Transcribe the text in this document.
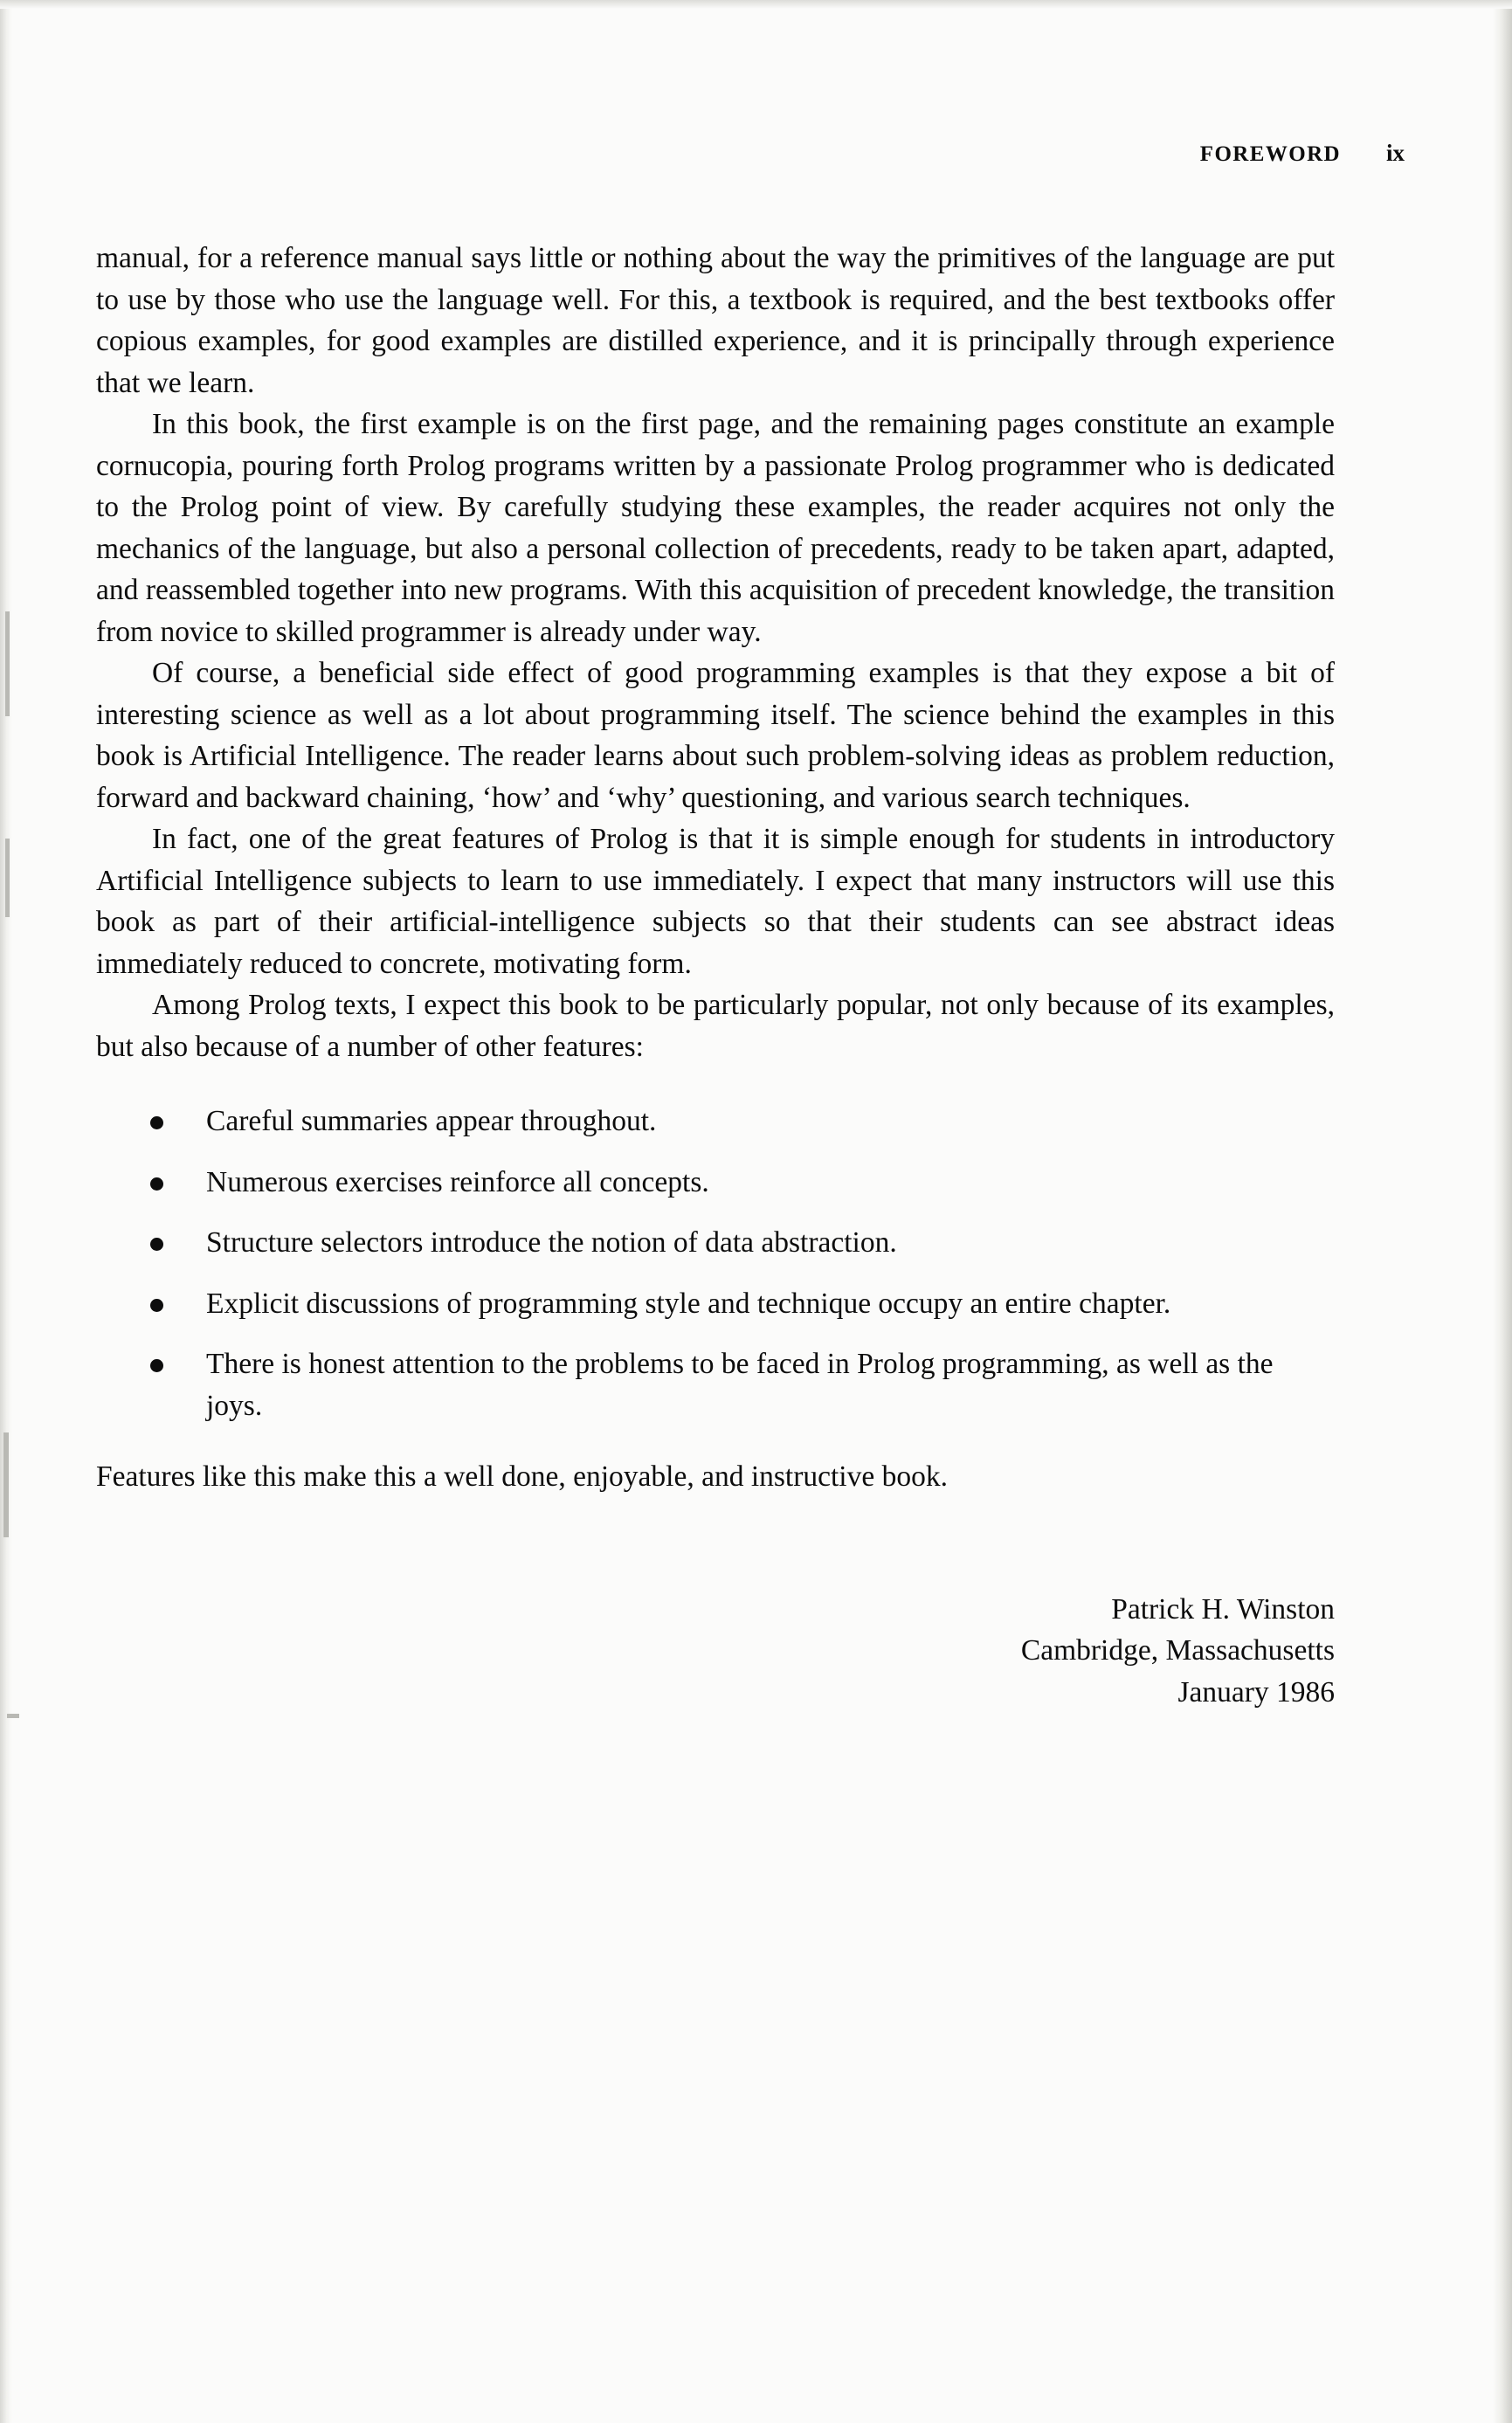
FOREWORD ix

manual, for a reference manual says little or nothing about the way the primitives of the language are put to use by those who use the language well. For this, a textbook is required, and the best textbooks offer copious examples, for good examples are distilled experience, and it is principally through experience that we learn.

In this book, the first example is on the first page, and the remaining pages constitute an example cornucopia, pouring forth Prolog programs written by a passionate Prolog programmer who is dedicated to the Prolog point of view. By carefully studying these examples, the reader acquires not only the mechanics of the language, but also a personal collection of precedents, ready to be taken apart, adapted, and reassembled together into new programs. With this acquisition of precedent knowledge, the transition from novice to skilled programmer is already under way.

Of course, a beneficial side effect of good programming examples is that they expose a bit of interesting science as well as a lot about programming itself. The science behind the examples in this book is Artificial Intelligence. The reader learns about such problem-solving ideas as problem reduction, forward and backward chaining, ‘how’ and ‘why’ questioning, and various search techniques.

In fact, one of the great features of Prolog is that it is simple enough for students in introductory Artificial Intelligence subjects to learn to use immediately. I expect that many instructors will use this book as part of their artificial-intelligence subjects so that their students can see abstract ideas immediately reduced to concrete, motivating form.

Among Prolog texts, I expect this book to be particularly popular, not only because of its examples, but also because of a number of other features:

Careful summaries appear throughout.
Numerous exercises reinforce all concepts.
Structure selectors introduce the notion of data abstraction.
Explicit discussions of programming style and technique occupy an entire chapter.
There is honest attention to the problems to be faced in Prolog programming, as well as the joys.

Features like this make this a well done, enjoyable, and instructive book.

Patrick H. Winston
Cambridge, Massachusetts
January 1986
